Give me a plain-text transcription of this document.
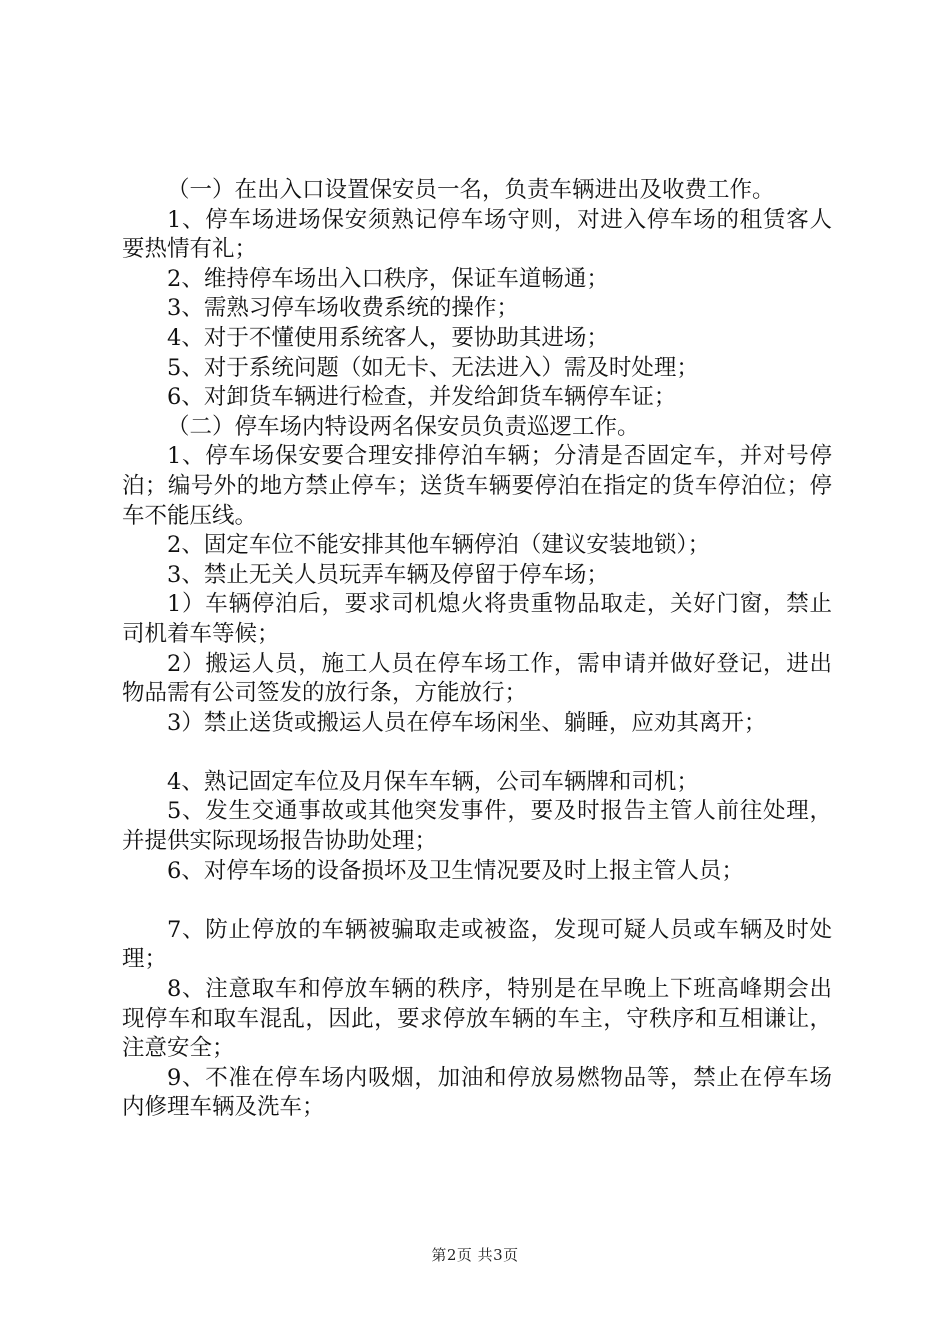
（一）在出入口设置保安员一名，负责车辆进出及收费工作。

1、停车场进场保安须熟记停车场守则，对进入停车场的租赁客人要热情有礼；

2、维持停车场出入口秩序，保证车道畅通；

3、需熟习停车场收费系统的操作；

4、对于不懂使用系统客人，要协助其进场；

5、对于系统问题（如无卡、无法进入）需及时处理；

6、对卸货车辆进行检查，并发给卸货车辆停车证；

（二）停车场内特设两名保安员负责巡逻工作。

1、停车场保安要合理安排停泊车辆；分清是否固定车，并对号停泊；编号外的地方禁止停车；送货车辆要停泊在指定的货车停泊位；停车不能压线。

2、固定车位不能安排其他车辆停泊（建议安装地锁）；

3、禁止无关人员玩弄车辆及停留于停车场；

1）车辆停泊后，要求司机熄火将贵重物品取走，关好门窗，禁止司机着车等候；

2）搬运人员，施工人员在停车场工作，需申请并做好登记，进出物品需有公司签发的放行条，方能放行；

3）禁止送货或搬运人员在停车场闲坐、躺睡，应劝其离开；

4、熟记固定车位及月保车车辆，公司车辆牌和司机；

5、发生交通事故或其他突发事件，要及时报告主管人前往处理，并提供实际现场报告协助处理；

6、对停车场的设备损坏及卫生情况要及时上报主管人员；

7、防止停放的车辆被骗取走或被盗，发现可疑人员或车辆及时处理；

8、注意取车和停放车辆的秩序，特别是在早晚上下班高峰期会出现停车和取车混乱，因此，要求停放车辆的车主，守秩序和互相谦让，注意安全；

9、不准在停车场内吸烟，加油和停放易燃物品等，禁止在停车场内修理车辆及洗车；

第2页 共3页
